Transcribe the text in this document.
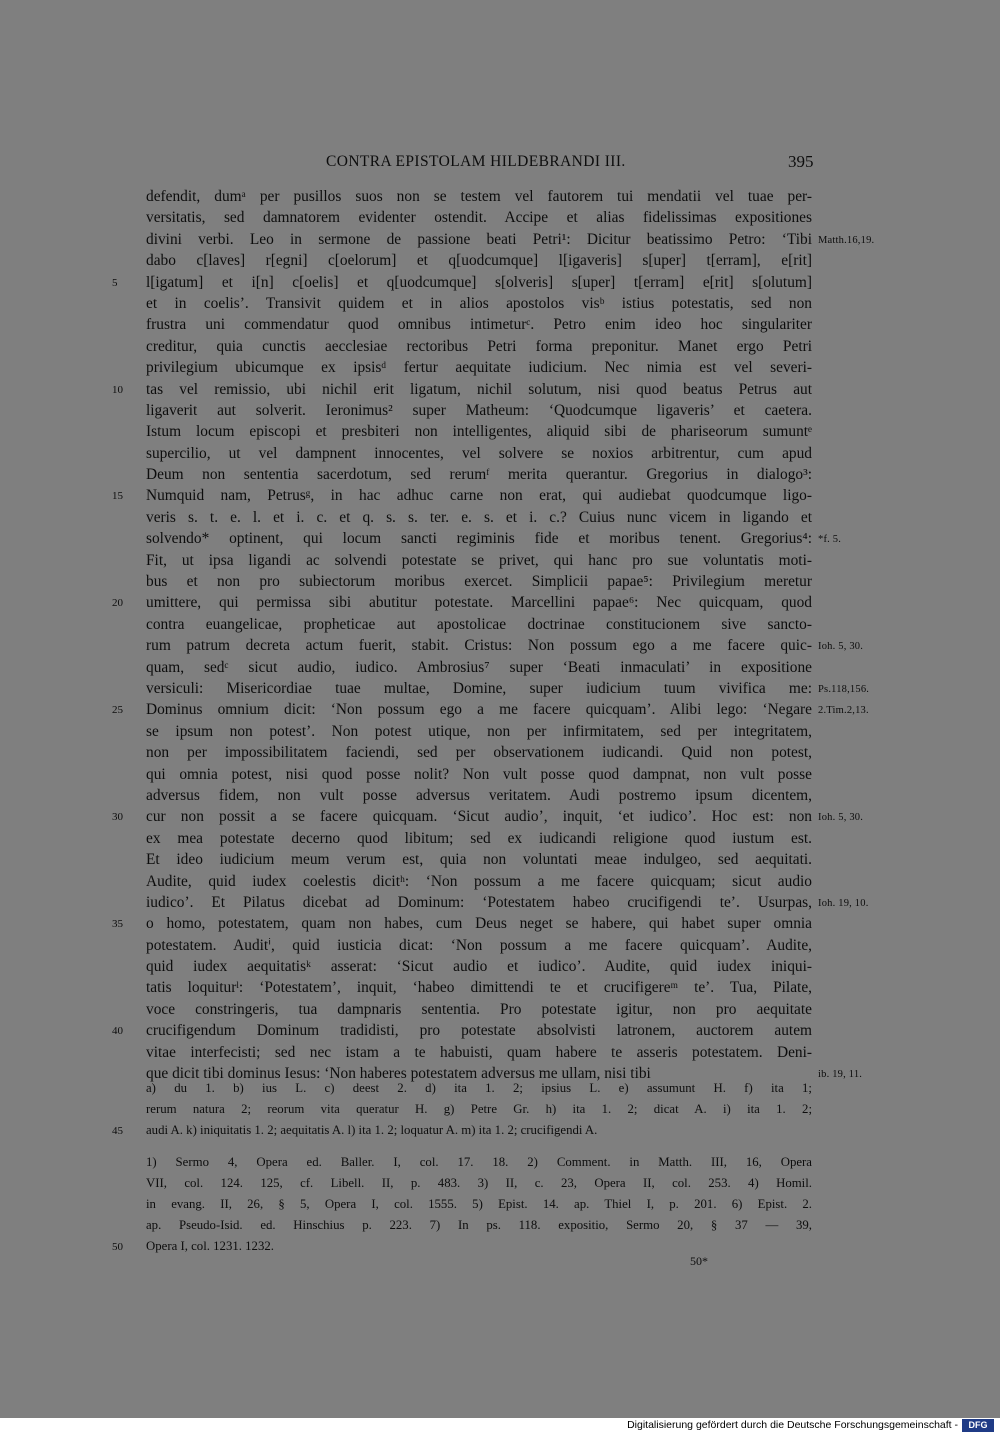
CONTRA EPISTOLAM HILDEBRANDI III.	395
defendit, dumᵃ per pusillos suos non se testem vel fautorem tui mendatii vel tuae per-
versitatis, sed damnatorem evidenter ostendit. Accipe et alias fidelissimas expositiones
divini verbi. Leo in sermone de passione beati Petri¹: Dicitur beatissimo Petro: ‘Tibi Matth.16,19.
dabo c[laves] r[egni] c[oelorum] et q[uodcumque] l[igaveris] s[uper] t[erram], e[rit]
5	l[igatum] et i[n] c[oelis] et q[uodcumque] s[olveris] s[uper] t[erram] e[rit] s[olutum]
et in coelis’. Transivit quidem et in alios apostolos visᵇ istius potestatis, sed non
frustra uni commendatur quod omnibus intimeturᶜ. Petro enim ideo hoc singulariter
creditur, quia cunctis aecclesiae rectoribus Petri forma preponitur. Manet ergo Petri
privilegium ubicumque ex ipsisᵈ fertur aequitate iudicium. Nec nimia est vel severi-
10	tas vel remissio, ubi nichil erit ligatum, nichil solutum, nisi quod beatus Petrus aut
ligaverit aut solverit. Ieronimus² super Matheum: ‘Quodcumque ligaveris’ et caetera.
Istum locum episcopi et presbiteri non intelligentes, aliquid sibi de phariseorum sumuntᵉ
supercilio, ut vel dampnent innocentes, vel solvere se noxios arbitrentur, cum apud
Deum non sententia sacerdotum, sed rerumᶠ merita querantur. Gregorius in dialogo³:
15	Numquid nam, Petrusᵍ, in hac adhuc carne non erat, qui audiebat quodcumque ligo-
veris s. t. e. l. et i. c. et q. s. s. ter. e. s. et i. c.? Cuius nunc vicem in ligando et
solvendo* optinent, qui locum sancti regiminis fide et moribus tenent. Gregorius⁴: *f. 5.
Fit, ut ipsa ligandi ac solvendi potestate se privet, qui hanc pro sue voluntatis moti-
bus et non pro subiectorum moribus exercet. Simplicii papae⁵: Privilegium meretur
20	umittere, qui permissa sibi abutitur potestate. Marcellini papae⁶: Nec quicquam, quod
contra euangelicae, propheticae aut apostolicae doctrinae constitucionem sive sancto-
rum patrum decreta actum fuerit, stabit. Cristus: Non possum ego a me facere quic- Ioh. 5, 30.
quam, sedᶜ sicut audio, iudico. Ambrosius⁷ super ‘Beati inmaculati’ in expositione
versiculi: Misericordiae tuae multae, Domine, super iudicium tuum vivifica me: Ps.118,156.
25	Dominus omnium dicit: ‘Non possum ego a me facere quicquam’. Alibi lego: ‘Negare 2.Tim.2,13.
se ipsum non potest’. Non potest utique, non per infirmitatem, sed per integritatem,
non per impossibilitatem faciendi, sed per observationem iudicandi. Quid non potest,
qui omnia potest, nisi quod posse nolit? Non vult posse quod dampnat, non vult posse
adversus fidem, non vult posse adversus veritatem. Audi postremo ipsum dicentem,
30	cur non possit a se facere quicquam. ‘Sicut audio’, inquit, ‘et iudico’. Hoc est: non Ioh. 5, 30.
ex mea potestate decerno quod libitum; sed ex iudicandi religione quod iustum est.
Et ideo iudicium meum verum est, quia non voluntati meae indulgeo, sed aequitati.
Audite, quid iudex coelestis dicitʰ: ‘Non possum a me facere quicquam; sicut audio
iudico’. Et Pilatus dicebat ad Dominum: ‘Potestatem habeo crucifigendi te’. Usurpas, Ioh. 19, 10.
35	o homo, potestatem, quam non habes, cum Deus neget se habere, qui habet super omnia
potestatem. Auditⁱ, quid iusticia dicat: ‘Non possum a me facere quicquam’. Audite,
quid iudex aequitatisᵏ asserat: ‘Sicut audio et iudico’. Audite, quid iudex iniqui-
tatis loquiturˡ: ‘Potestatem’, inquit, ‘habeo dimittendi te et crucifigereᵐ te’. Tua, Pilate,
voce constringeris, tua dampnaris sententia. Pro potestate igitur, non pro aequitate
40	crucifigendum Dominum tradidisti, pro potestate absolvisti latronem, auctorem autem
vitae interfecisti; sed nec istam a te habuisti, quam habere te asseris potestatem. Deni-
que dicit tibi dominus Iesus: ‘Non haberes potestatem adversus me ullam, nisi tibi	ib. 19, 11.
a) du 1. b) ius L. c) deest 2. d) ita 1. 2; ipsius L. e) assumunt H. f) ita 1;
rerum natura 2; reorum vita queratur H. g) Petre Gr. h) ita 1. 2; dicat A. i) ita 1. 2;
45	audi A. k) iniquitatis 1. 2; aequitatis A. l) ita 1. 2; loquatur A. m) ita 1. 2; crucifigendi A.
1) Sermo 4, Opera ed. Baller. I, col. 17. 18. 2) Comment. in Matth. III, 16, Opera
VII, col. 124. 125, cf. Libell. II, p. 483. 3) II, c. 23, Opera II, col. 253. 4) Homil.
in evang. II, 26, § 5, Opera I, col. 1555. 5) Epist. 14. ap. Thiel I, p. 201. 6) Epist. 2.
ap. Pseudo-Isid. ed. Hinschius p. 223. 7) In ps. 118. expositio, Sermo 20, § 37 — 39,
50	Opera I, col. 1231. 1232.
50*
Digitalisierung gefördert durch die Deutsche Forschungsgemeinschaft -	DFG
